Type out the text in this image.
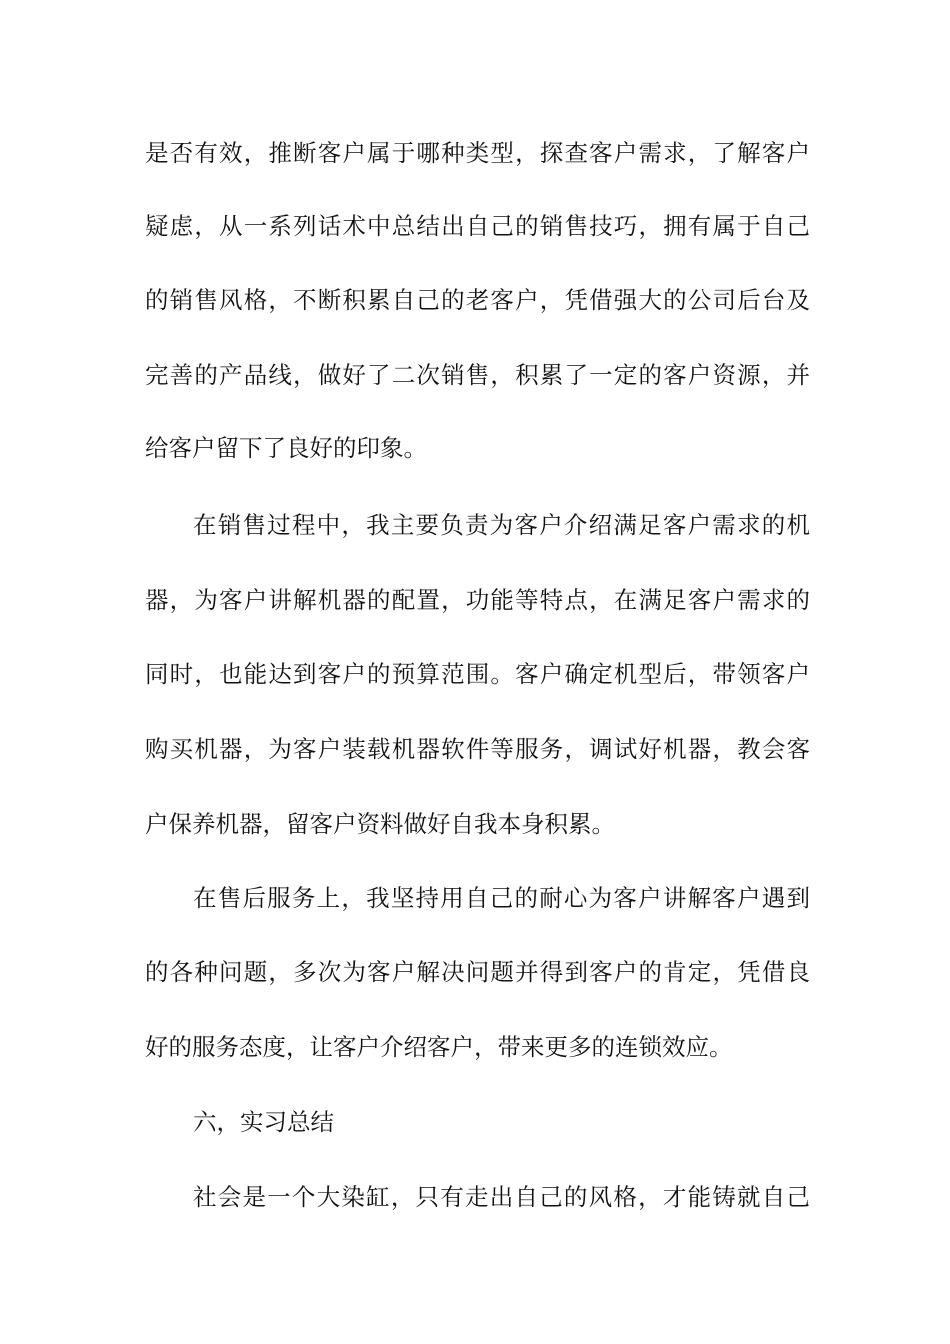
是否有效，推断客户属于哪种类型，探查客户需求，了解客户
疑虑，从一系列话术中总结出自己的销售技巧，拥有属于自己
的销售风格，不断积累自己的老客户，凭借强大的公司后台及
完善的产品线，做好了二次销售，积累了一定的客户资源，并
给客户留下了良好的印象。
在销售过程中，我主要负责为客户介绍满足客户需求的机
器，为客户讲解机器的配置，功能等特点，在满足客户需求的
同时，也能达到客户的预算范围。客户确定机型后，带领客户
购买机器，为客户装载机器软件等服务，调试好机器，教会客
户保养机器，留客户资料做好自我本身积累。
在售后服务上，我坚持用自己的耐心为客户讲解客户遇到
的各种问题，多次为客户解决问题并得到客户的肯定，凭借良
好的服务态度，让客户介绍客户，带来更多的连锁效应。
六，实习总结
社会是一个大染缸，只有走出自己的风格，才能铸就自己
